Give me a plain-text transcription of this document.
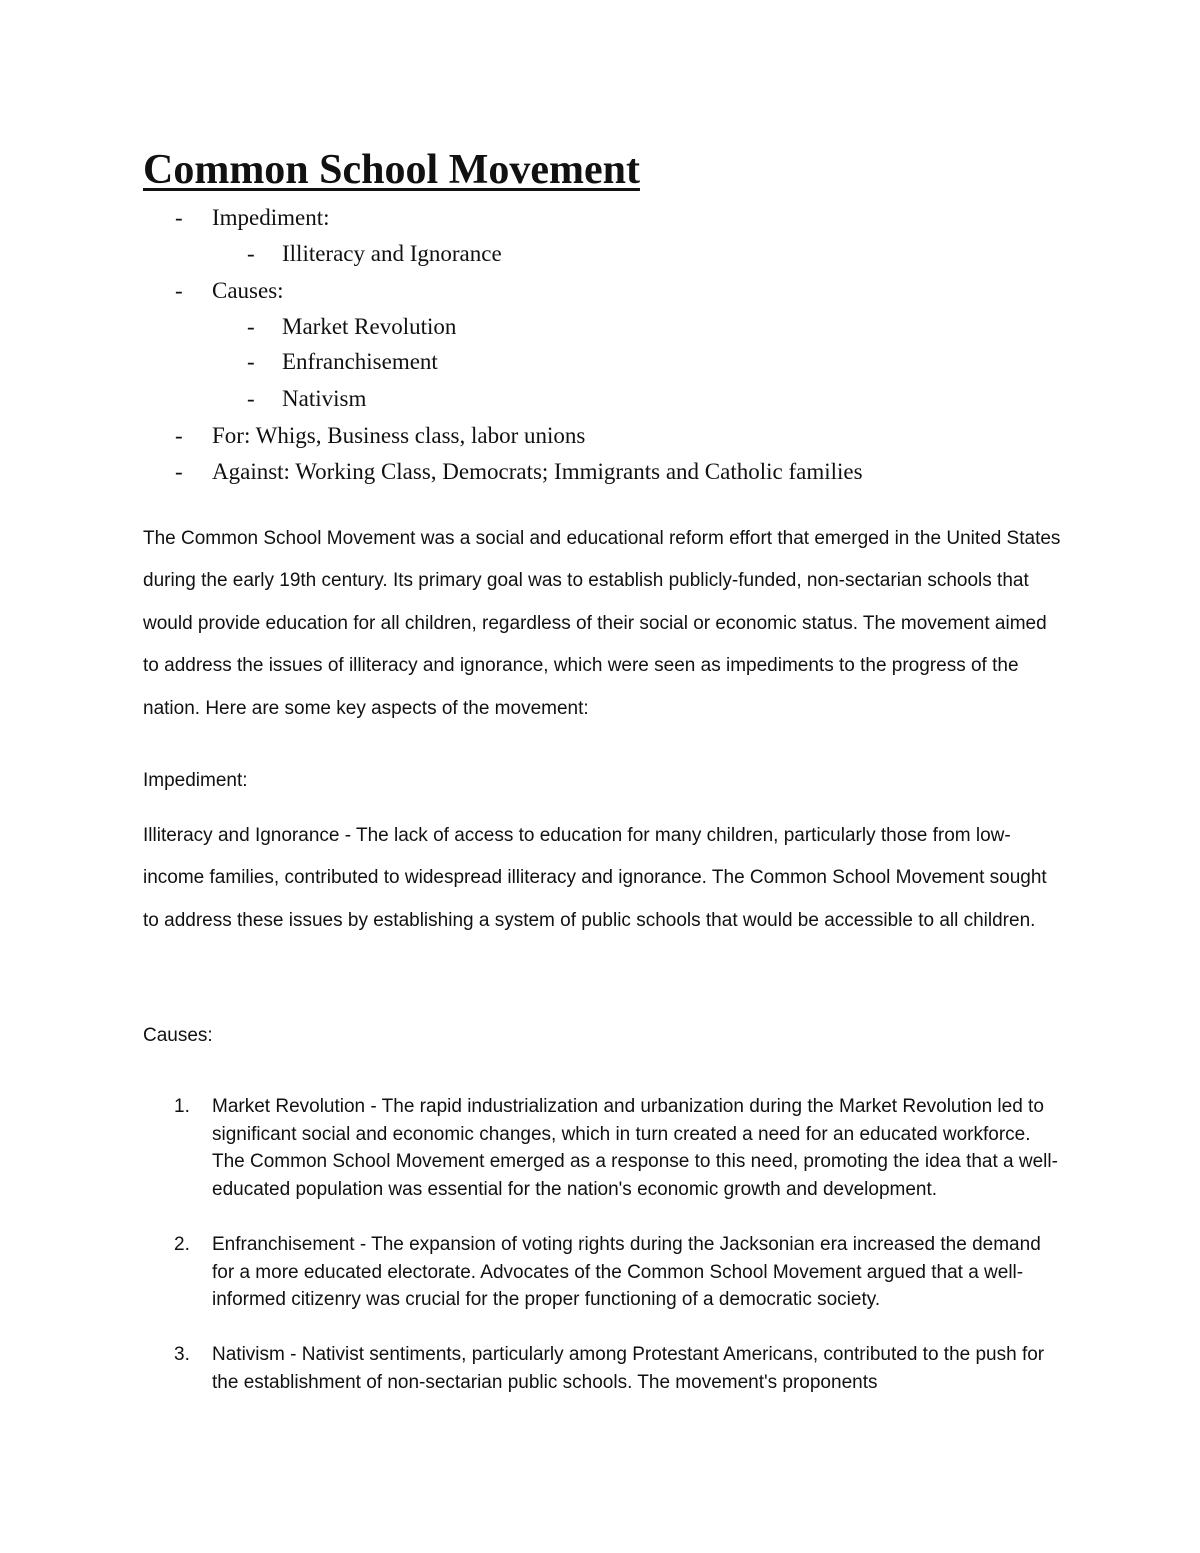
Common School Movement
-	Impediment:
-	Illiteracy and Ignorance
-	Causes:
-	Market Revolution
-	Enfranchisement
-	Nativism
-	For: Whigs, Business class, labor unions
-	Against: Working Class, Democrats; Immigrants and Catholic families

The Common School Movement was a social and educational reform effort that emerged in the United States during the early 19th century. Its primary goal was to establish publicly-funded, non-sectarian schools that would provide education for all children, regardless of their social or economic status. The movement aimed to address the issues of illiteracy and ignorance, which were seen as impediments to the progress of the nation. Here are some key aspects of the movement:

Impediment:

Illiteracy and Ignorance - The lack of access to education for many children, particularly those from low-income families, contributed to widespread illiteracy and ignorance. The Common School Movement sought to address these issues by establishing a system of public schools that would be accessible to all children.

Causes:

1. Market Revolution - The rapid industrialization and urbanization during the Market Revolution led to significant social and economic changes, which in turn created a need for an educated workforce. The Common School Movement emerged as a response to this need, promoting the idea that a well-educated population was essential for the nation's economic growth and development.

2. Enfranchisement - The expansion of voting rights during the Jacksonian era increased the demand for a more educated electorate. Advocates of the Common School Movement argued that a well-informed citizenry was crucial for the proper functioning of a democratic society.

3. Nativism - Nativist sentiments, particularly among Protestant Americans, contributed to the push for the establishment of non-sectarian public schools. The movement's proponents
